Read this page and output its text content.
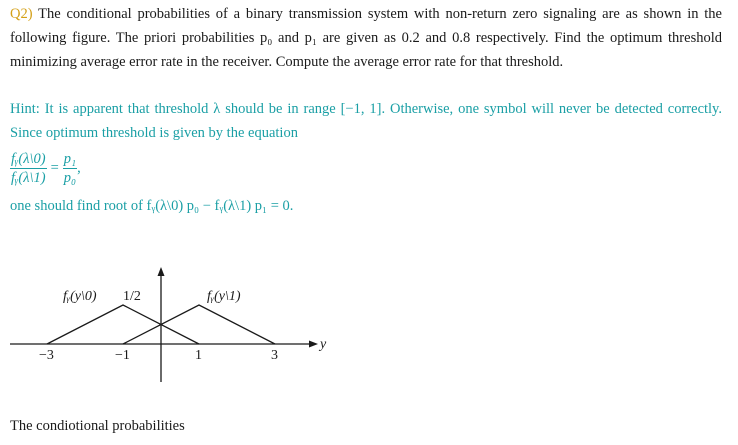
Q2) The conditional probabilities of a binary transmission system with non-return zero signaling are as shown in the following figure. The priori probabilities p₀ and p₁ are given as 0.2 and 0.8 respectively. Find the optimum threshold minimizing average error rate in the receiver. Compute the average error rate for that threshold.
Hint: It is apparent that threshold λ should be in range [−1, 1]. Otherwise, one symbol will never be detected correctly. Since optimum threshold is given by the equation
$\frac{\text{fᵧ(λ\textbackslash{}0)}}{\text{fᵧ(λ\textbackslash{}1)}} = \frac{\text{p₁}}{\text{p₀}}$ ,
one should find root of fᵧ(λ\0) p₀ − fᵧ(λ\1) p₁ = 0.
fᵧ(y\0) 1/2	fᵧ(y\1)
y
−3	−1	1	3
The condiotional probabilities
